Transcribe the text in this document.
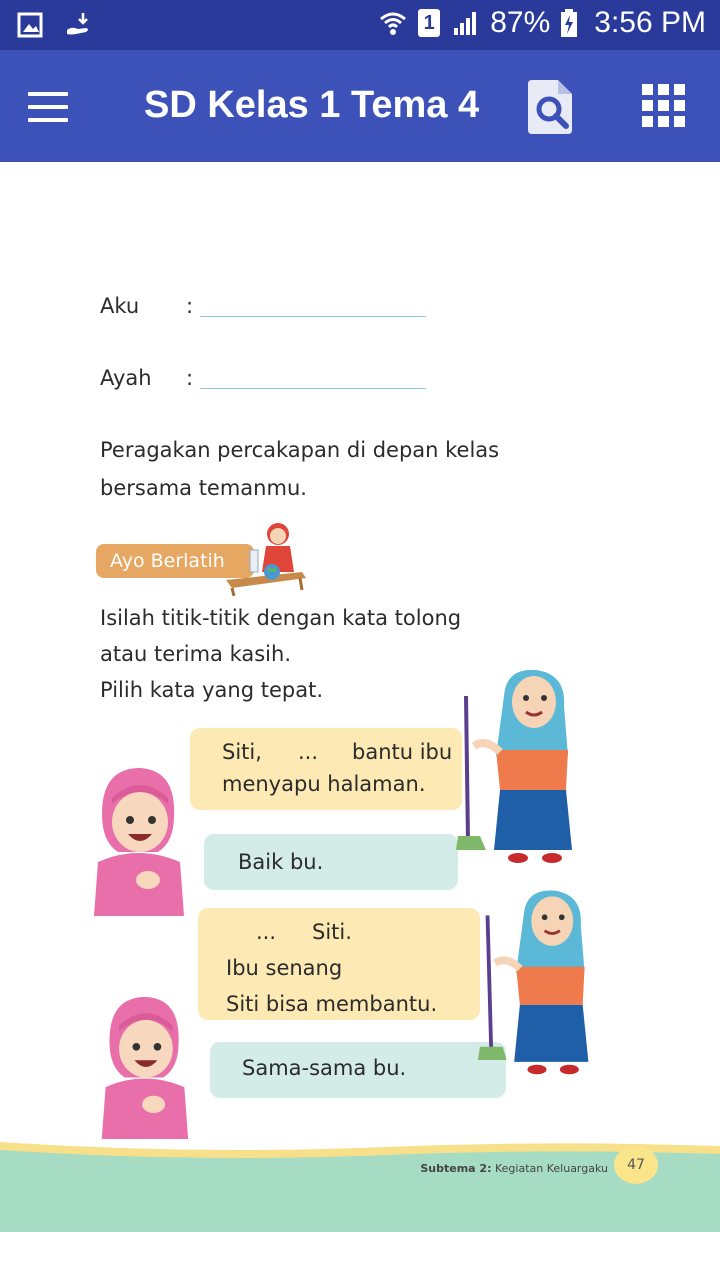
1 87% 3:56 PM
SD Kelas 1 Tema 4
Aku :
Ayah :
Peragakan percakapan di depan kelas
bersama temanmu.
Ayo Berlatih
Isilah titik-titik dengan kata tolong
atau terima kasih.
Pilih kata yang tepat.
Siti, ... bantu ibu
menyapu halaman.
Baik bu.
... Siti.
Ibu senang
Siti bisa membantu.
Sama-sama bu.
Subtema 2: Kegiatan Keluargaku	47
